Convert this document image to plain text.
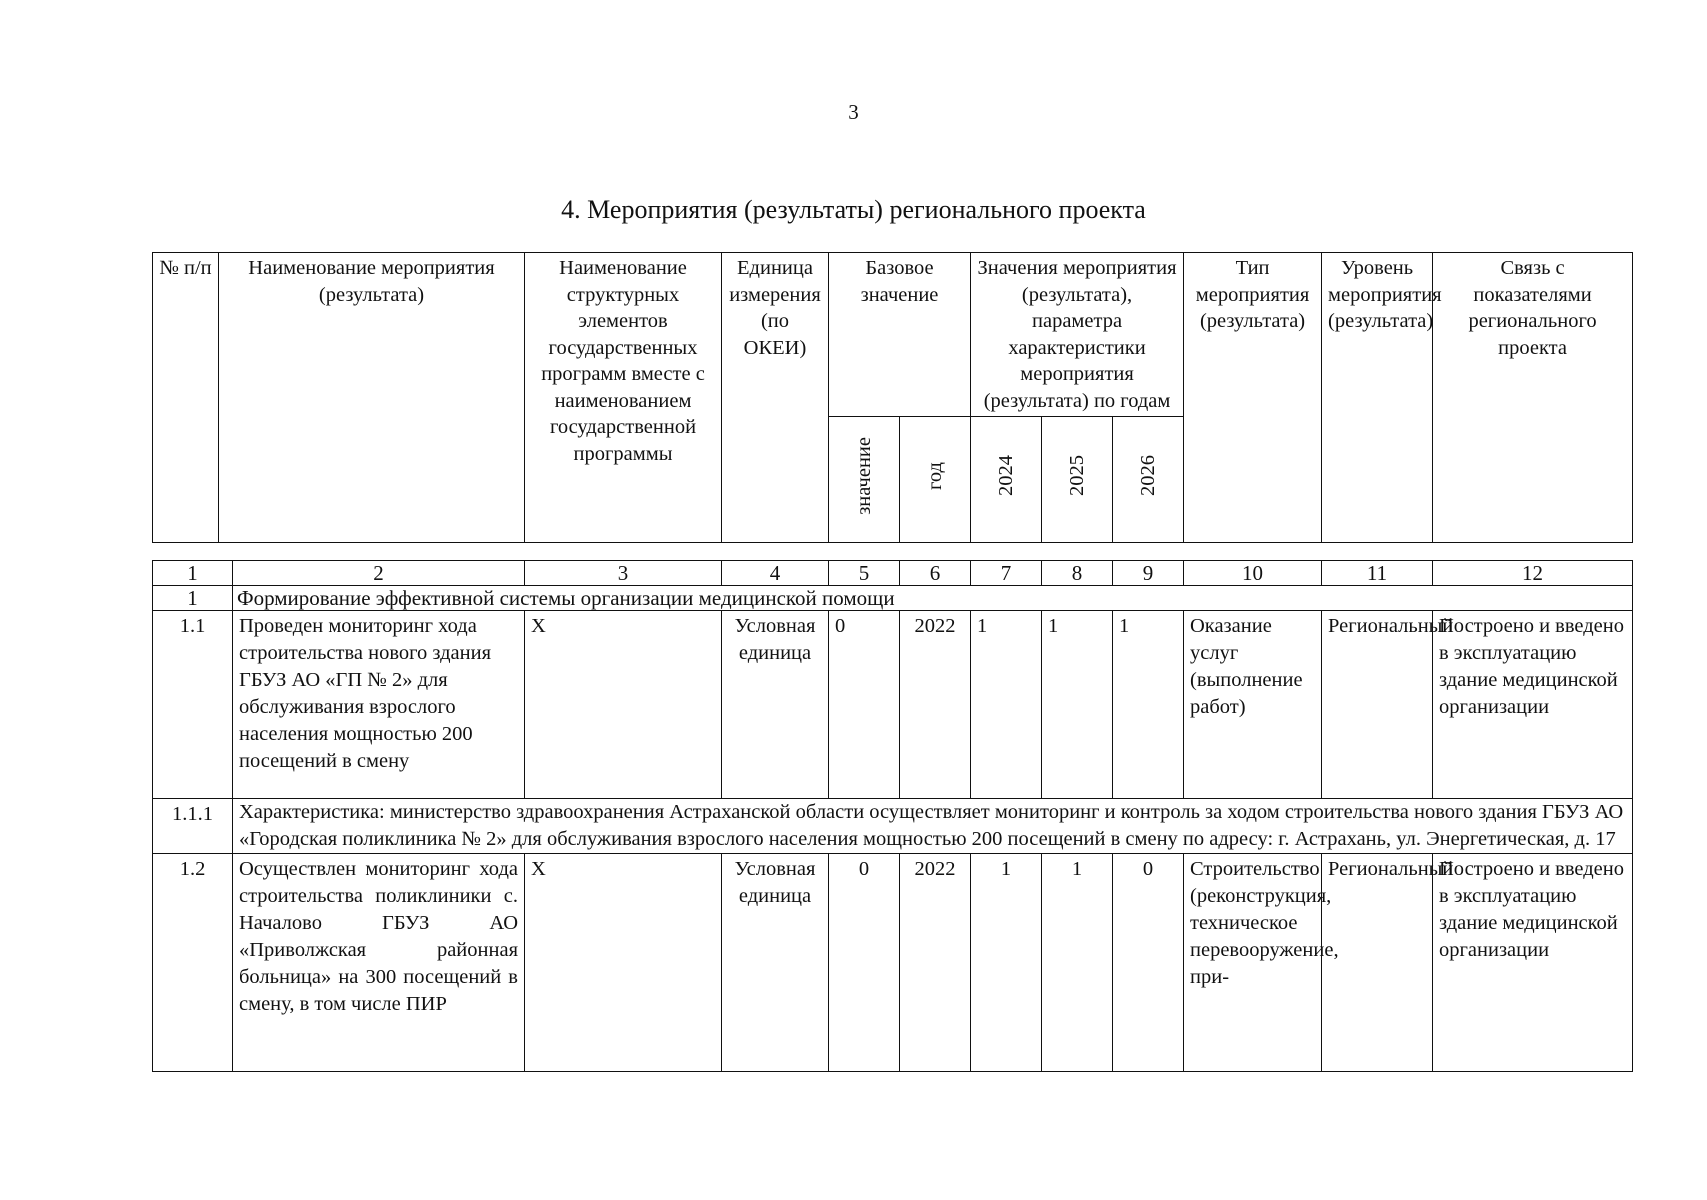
3
4. Мероприятия (результаты) регионального проекта
№ п/п	Наименование мероприятия (результата)	Наименование структурных элементов государственных программ вместе с наименованием государственной программы	Единица измерения (по ОКЕИ)	Базовое значение		Значения мероприятия (результата), параметра характеристики мероприятия (результата) по годам			Тип мероприятия (результата)	Уровень мероприятия (результата)	Связь с показателями регионального проекта
				значение	год	2024	2025	2026			
1	2	3	4	5	6	7	8	9	10	11	12
1	Формирование эффективной системы организации медицинской помощи										
1.1	Проведен мониторинг хода строительства нового здания ГБУЗ АО «ГП № 2» для обслуживания взрослого населения мощностью 200 посещений в смену	Х	Условная единица	0	2022	1	1	1	Оказание услуг (выполнение работ)	Региональный	Построено и введено в эксплуатацию здание медицинской организации
1.1.1	Характеристика: министерство здравоохранения Астраханской области осуществляет мониторинг и контроль за ходом строительства нового здания ГБУЗ АО «Городская поликлиника № 2» для обслуживания взрослого населения мощностью 200 посещений в смену по адресу: г. Астрахань, ул. Энергетическая, д. 17										
1.2	Осуществлен мониторинг хода строительства поликлиники с. Началово ГБУЗ АО «Приволжская районная больница» на 300 посещений в смену, в том числе ПИР	Х	Условная единица	0	2022	1	1	0	Строительство (реконструкция, техническое перевооружение, при-	Региональный	Построено и введено в эксплуатацию здание медицинской организации
